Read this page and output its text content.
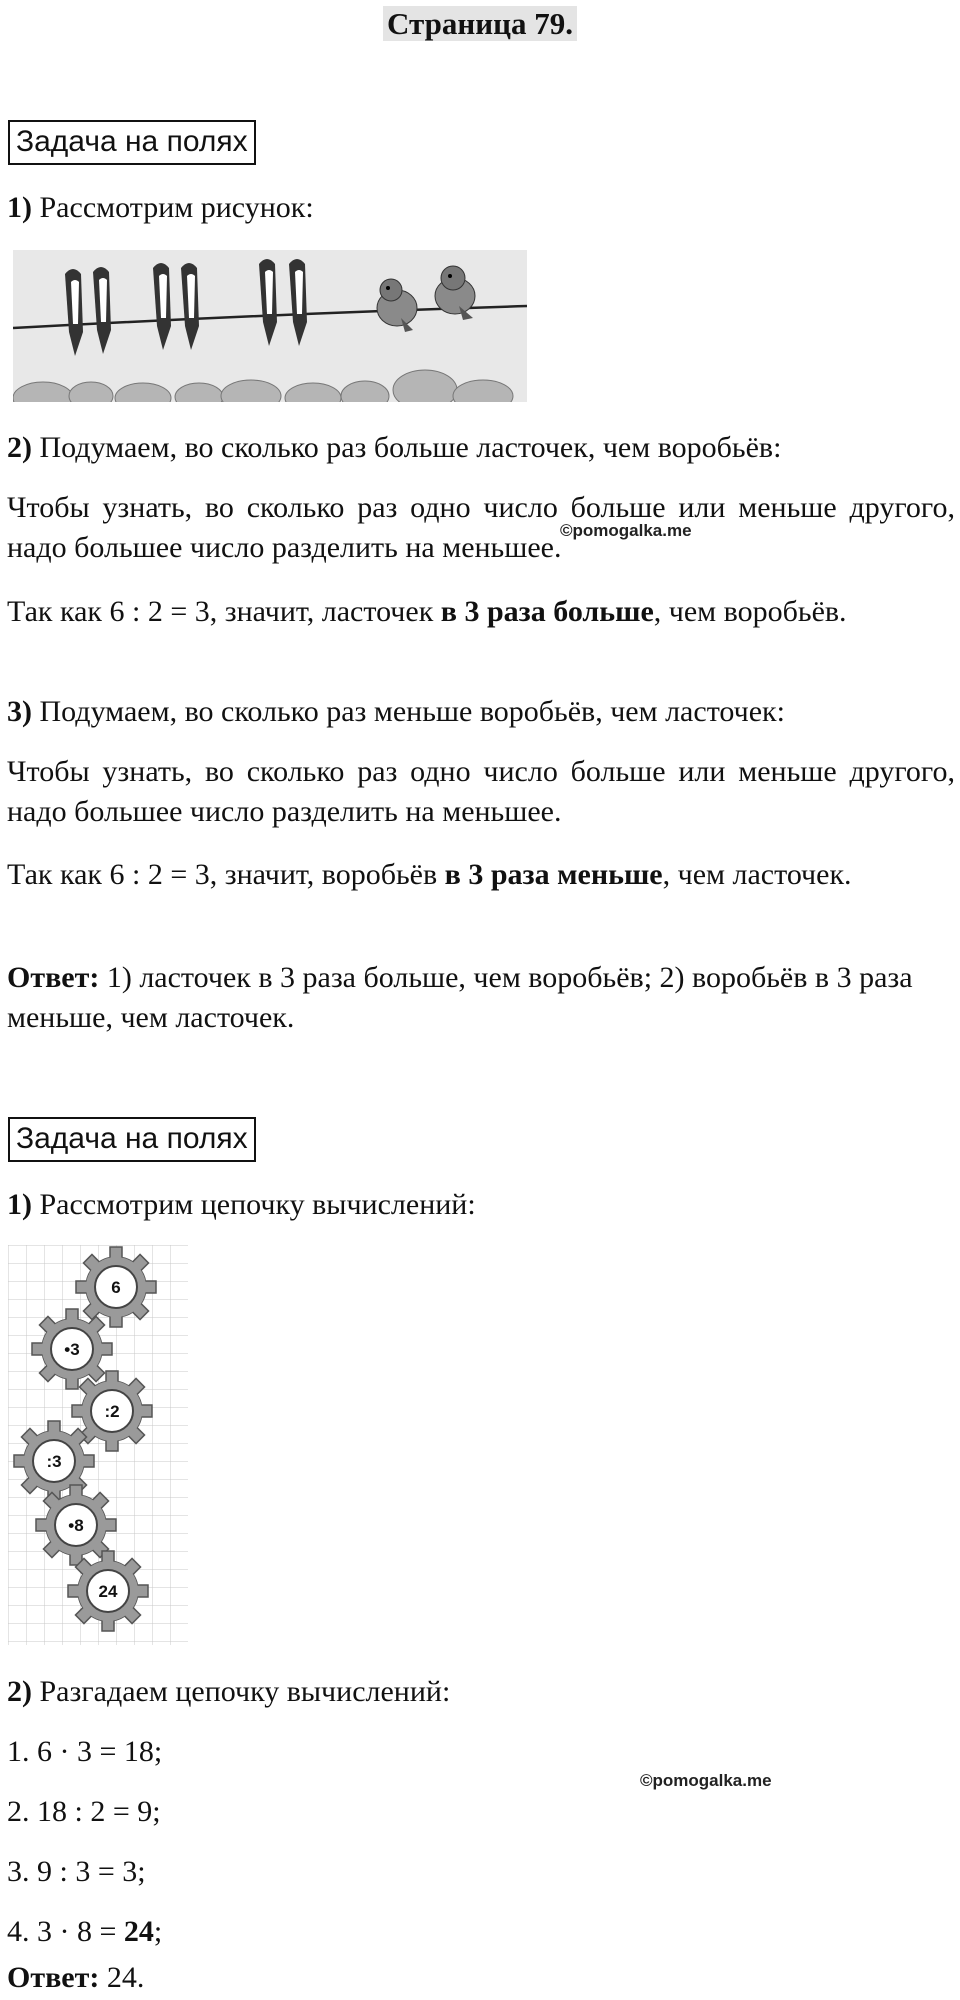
Страница 79.
Задача на полях
1) Рассмотрим рисунок:
2) Подумаем, во сколько раз больше ласточек, чем воробьёв:
Чтобы узнать, во сколько раз одно число больше или меньше другого, надо большее число разделить на меньшее.
©pomogalka.me
Так как 6 : 2 = 3, значит, ласточек в 3 раза больше, чем воробьёв.
3) Подумаем, во сколько раз меньше воробьёв, чем ласточек:
Чтобы узнать, во сколько раз одно число больше или меньше другого, надо большее число разделить на меньшее.
Так как 6 : 2 = 3, значит, воробьёв в 3 раза меньше, чем ласточек.
Ответ: 1) ласточек в 3 раза больше, чем воробьёв; 2) воробьёв в 3 раза меньше, чем ласточек.
Задача на полях
1) Рассмотрим цепочку вычислений:
6
•3
:2
:3
•8
24
2) Разгадаем цепочку вычислений:
1. 6 · 3 = 18;
©pomogalka.me
2. 18 : 2 = 9;
3. 9 : 3 = 3;
4. 3 · 8 = 24;
Ответ: 24.
